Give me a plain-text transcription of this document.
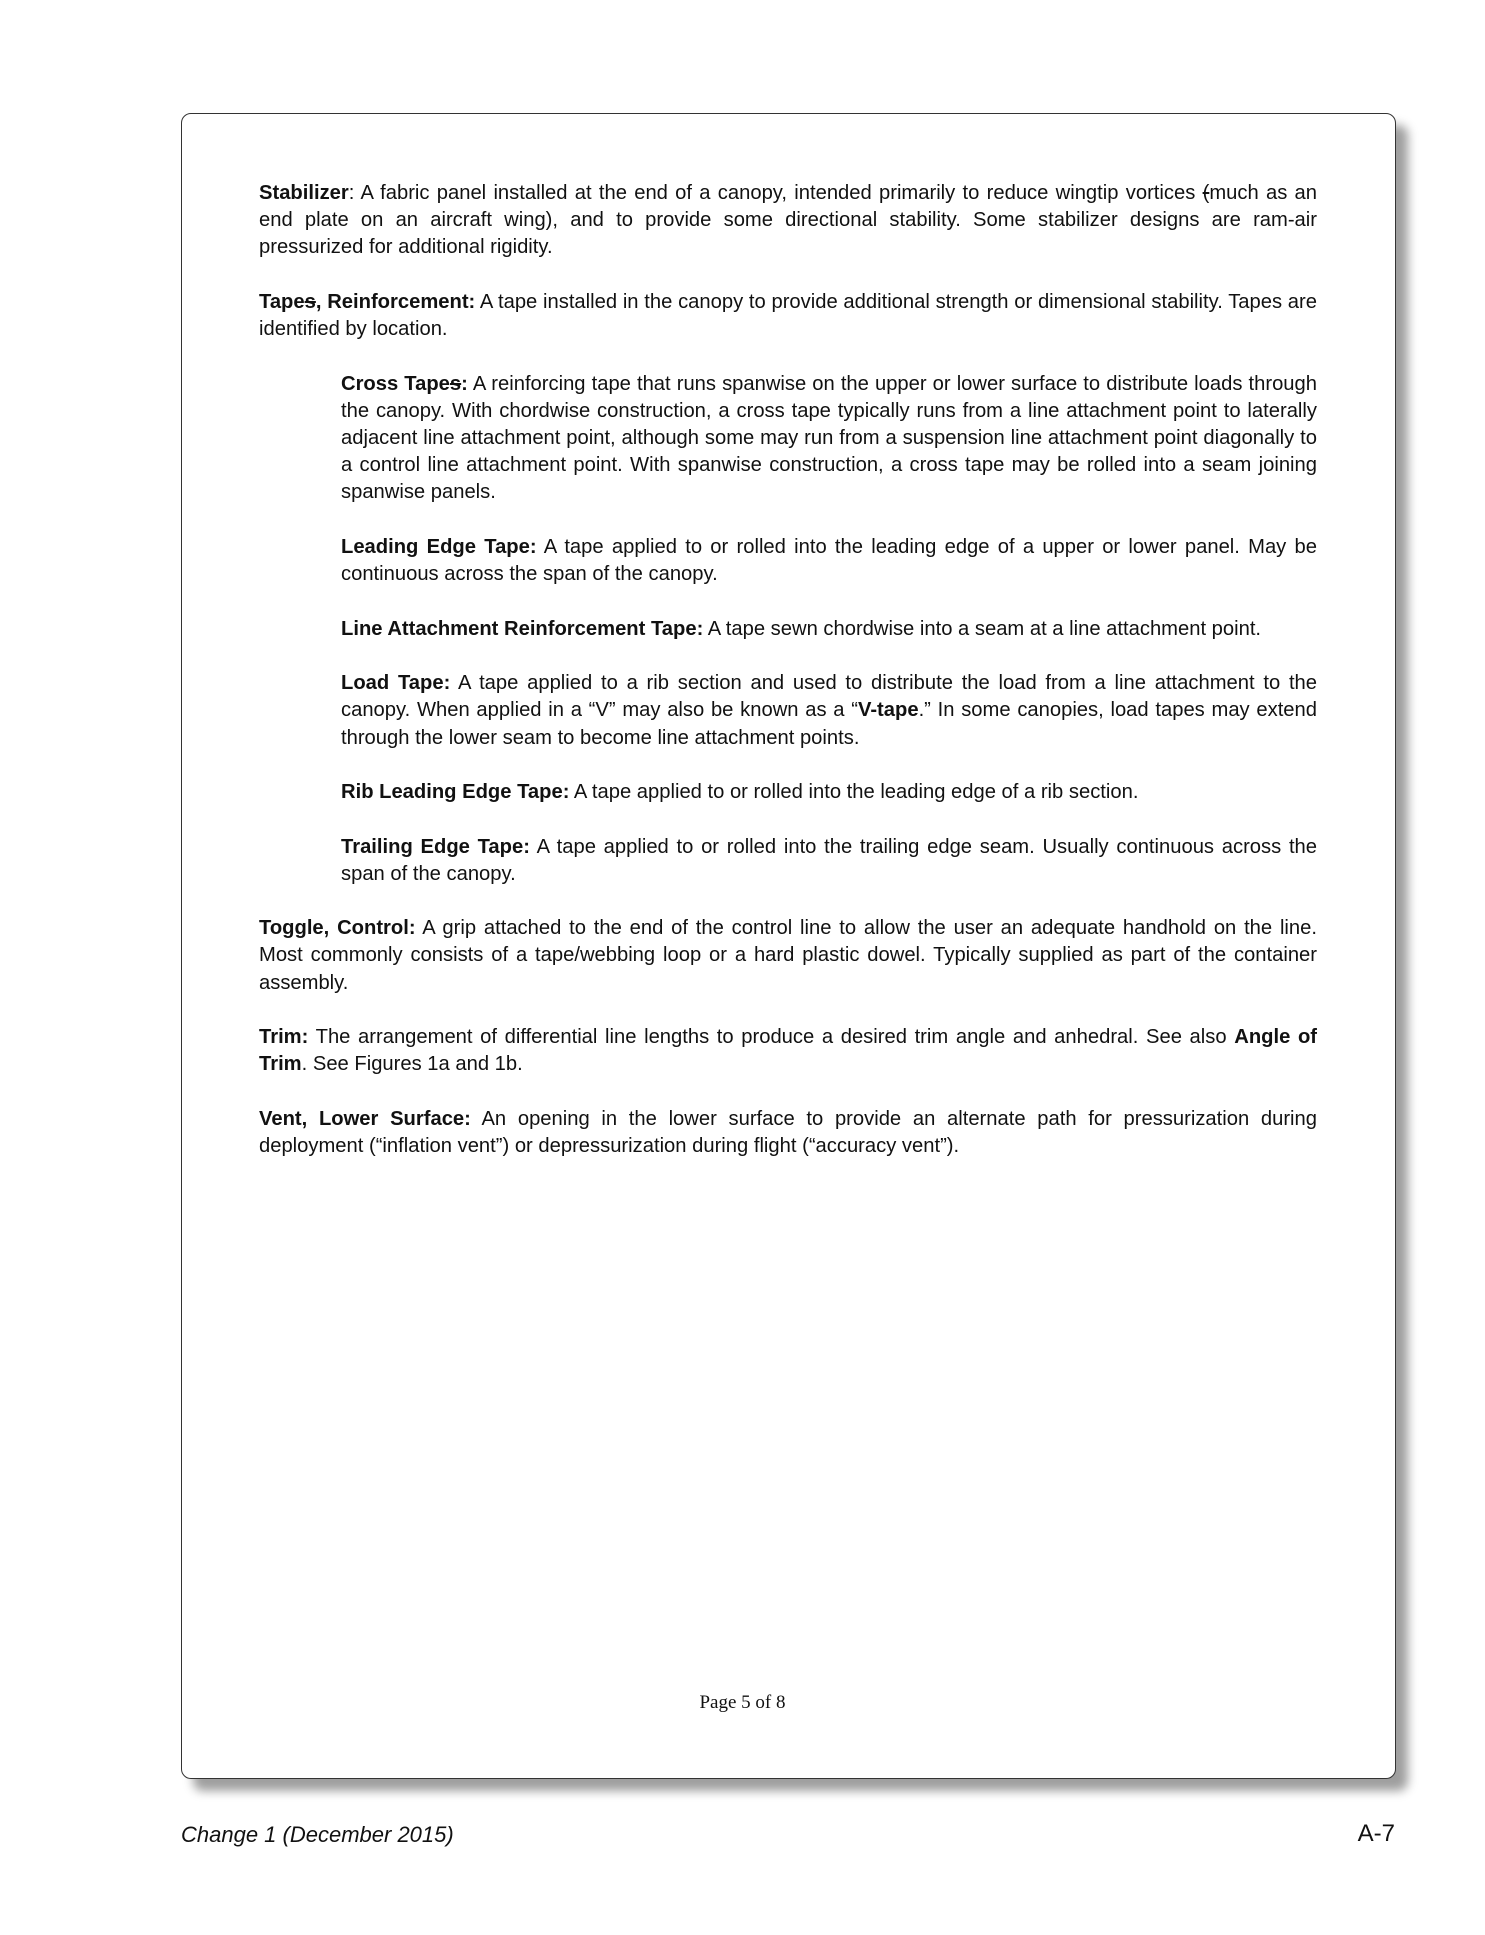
Stabilizer: A fabric panel installed at the end of a canopy, intended primarily to reduce wingtip vortices (much as an end plate on an aircraft wing), and to provide some directional stability. Some stabilizer designs are ram-air pressurized for additional rigidity.

Tapes, Reinforcement: A tape installed in the canopy to provide additional strength or dimensional stability. Tapes are identified by location.

Cross Tapes: A reinforcing tape that runs spanwise on the upper or lower surface to distribute loads through the canopy. With chordwise construction, a cross tape typically runs from a line attachment point to laterally adjacent line attachment point, although some may run from a suspension line attachment point diagonally to a control line attachment point. With spanwise construction, a cross tape may be rolled into a seam joining spanwise panels.

Leading Edge Tape: A tape applied to or rolled into the leading edge of a upper or lower panel. May be continuous across the span of the canopy.

Line Attachment Reinforcement Tape: A tape sewn chordwise into a seam at a line attachment point.

Load Tape: A tape applied to a rib section and used to distribute the load from a line attachment to the canopy. When applied in a “V” may also be known as a “V-tape.” In some canopies, load tapes may extend through the lower seam to become line attachment points.

Rib Leading Edge Tape: A tape applied to or rolled into the leading edge of a rib section.

Trailing Edge Tape: A tape applied to or rolled into the trailing edge seam. Usually continuous across the span of the canopy.

Toggle, Control: A grip attached to the end of the control line to allow the user an adequate handhold on the line. Most commonly consists of a tape/webbing loop or a hard plastic dowel. Typically supplied as part of the container assembly.

Trim: The arrangement of differential line lengths to produce a desired trim angle and anhedral. See also Angle of Trim. See Figures 1a and 1b.

Vent, Lower Surface: An opening in the lower surface to provide an alternate path for pressurization during deployment (“inflation vent”) or depressurization during flight (“accuracy vent”).

Page 5 of 8
Change 1 (December 2015)	A-7
